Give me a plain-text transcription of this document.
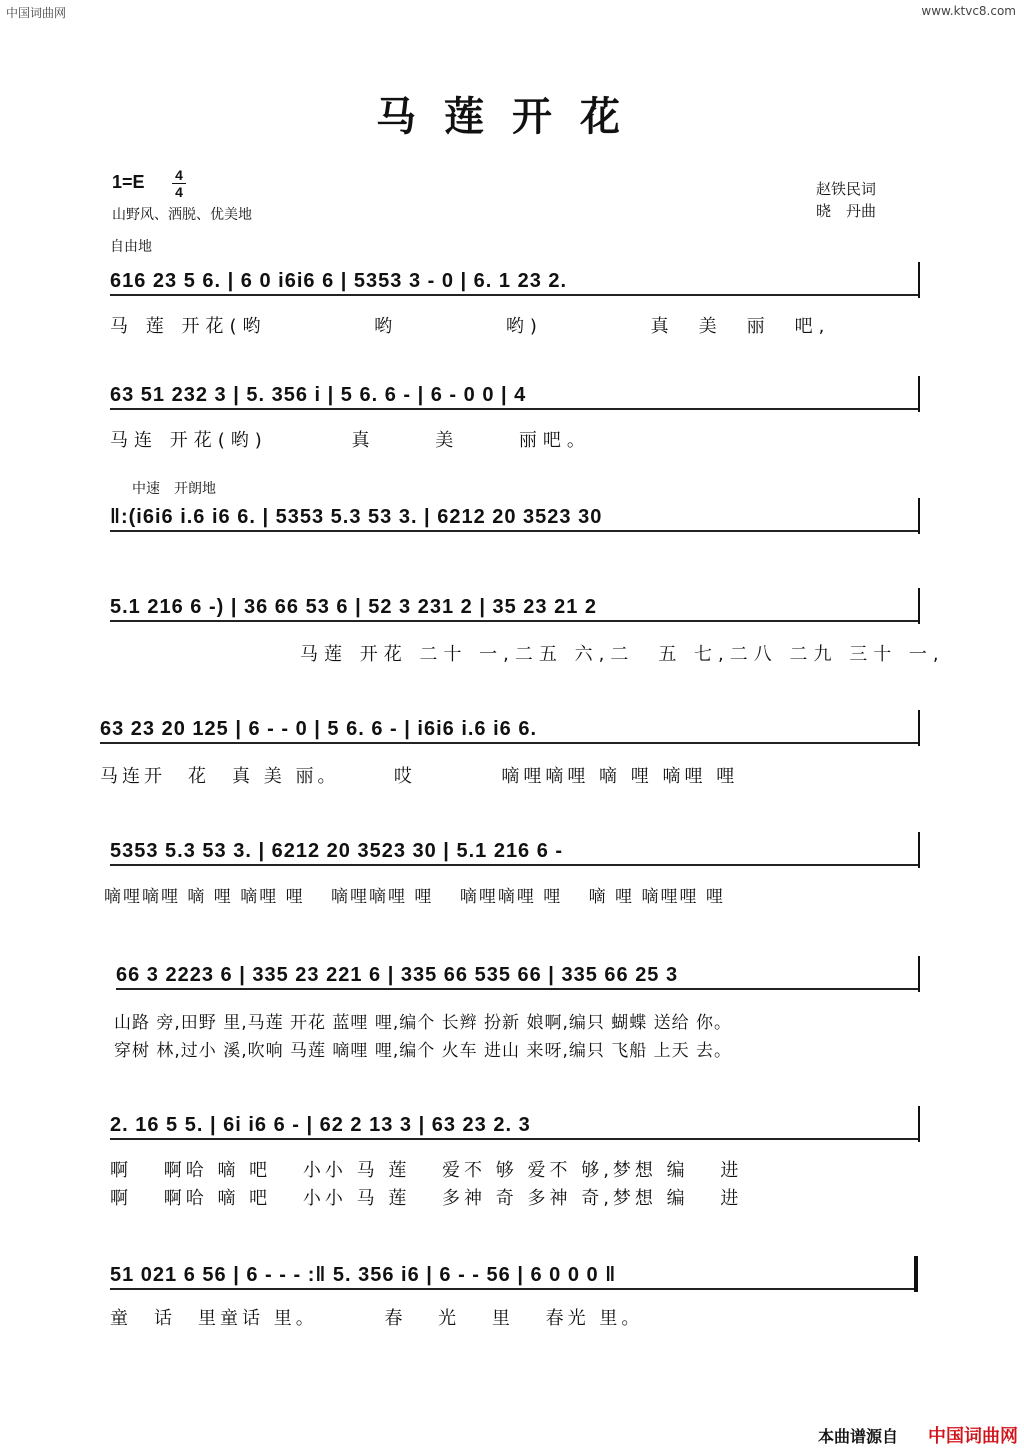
中国词曲网	www.ktvc8.com
马莲开花
1=E 4
4
山野风、洒脱、优美地
赵铁民词
晓　丹曲
自由地
中速　开朗地
616 23 5 6. | 6 0 i6i6 6 | 5353 3 - 0 | 6. 1 23 2.
马 莲 开花(哟　　　　 哟　　　　 哟)　　　　 真　美　丽　吧,
63 51 232 3 | 5. 356 i | 5 6. 6 - | 6 - 0 0 | 4
马连 开花(哟)　　　 真　　 美　　 丽吧。
‖:(i6i6 i.6 i6 6. | 5353 5.3 53 3. | 6212 20 3523 30
5.1 216 6 -) | 36 66 53 6 | 52 3 231 2 | 35 23 21 2
马莲 开花 二十 一,二五 六,二　五 七,二八 二九 三十 一,
63 23 20 125 | 6 - - 0 | 5 6. 6 - | i6i6 i.6 i6 6.
马连开　花　真 美 丽。　 　 哎　　 　 嘀哩嘀哩 嘀 哩 嘀哩 哩
5353 5.3 53 3. | 6212 20 3523 30 | 5.1 216 6 -
嘀哩嘀哩 嘀 哩 嘀哩 哩　 嘀哩嘀哩 哩　 嘀哩嘀哩 哩　 嘀 哩 嘀哩哩 哩
66 3 2223 6 | 335 23 221 6 | 335 66 535 66 | 335 66 25 3
山路 旁,田野 里,马莲 开花 蓝哩 哩,编个 长辫 扮新 娘啊,编只 蝴蝶 送给 你。
穿树 林,过小 溪,吹响 马莲 嘀哩 哩,编个 火车 进山 来呀,编只 飞船 上天 去。
2. 16 5 5. | 6i i6 6 - | 62 2 13 3 | 63 23 2. 3
啊　 啊哈 嘀 吧　 小小 马 莲　 爱不 够 爱不 够,梦想 编　 进
啊　 啊哈 嘀 吧　 小小 马 莲　 多神 奇 多神 奇,梦想 编　 进
51 021 6 56 | 6 - - - :‖ 5. 356 i6 | 6 - - 56 | 6 0 0 0 ‖
童　话　里童话 里。　　　 春　 光　 里　 春光 里。
本曲谱源自 中国词曲网
